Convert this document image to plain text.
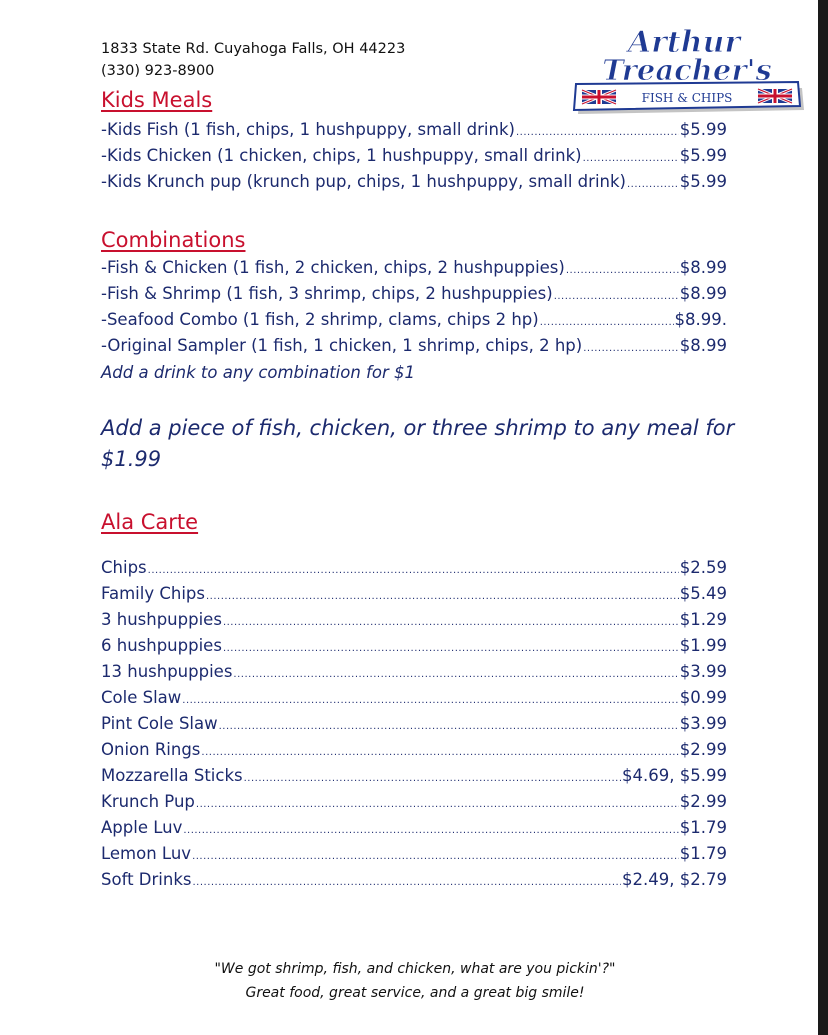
1833 State Rd. Cuyahoga Falls, OH 44223
(330) 923-8900
FISH & CHIPS
Arthur
Treacher's
Kids Meals
-Kids Fish (1 fish, chips, 1 hushpuppy, small drink) .....	$5.99
-Kids Chicken (1 chicken, chips, 1 hushpuppy, small drink) .....	$5.99
-Kids Krunch pup (krunch pup, chips, 1 hushpuppy, small drink) .....	$5.99
Combinations
-Fish & Chicken (1 fish, 2 chicken, chips, 2 hushpuppies) .....	$8.99
-Fish & Shrimp (1 fish, 3 shrimp, chips, 2 hushpuppies) .....	$8.99
-Seafood Combo (1 fish, 2 shrimp, clams, chips 2 hp) .....	$8.99.
-Original Sampler (1 fish, 1 chicken, 1 shrimp, chips, 2 hp) .....	$8.99
Add a drink to any combination for $1
Add a piece of fish, chicken, or three shrimp to any meal for $1.99
Ala Carte
Chips .....	$2.59
Family Chips .....	$5.49
3 hushpuppies .....	$1.29
6 hushpuppies .....	$1.99
13 hushpuppies .....	$3.99
Cole Slaw .....	$0.99
Pint Cole Slaw .....	$3.99
Onion Rings .....	$2.99
Mozzarella Sticks .....	$4.69, $5.99
Krunch Pup .....	$2.99
Apple Luv .....	$1.79
Lemon Luv .....	$1.79
Soft Drinks .....	$2.49, $2.79
"We got shrimp, fish, and chicken, what are you pickin'?"
Great food, great service, and a great big smile!
